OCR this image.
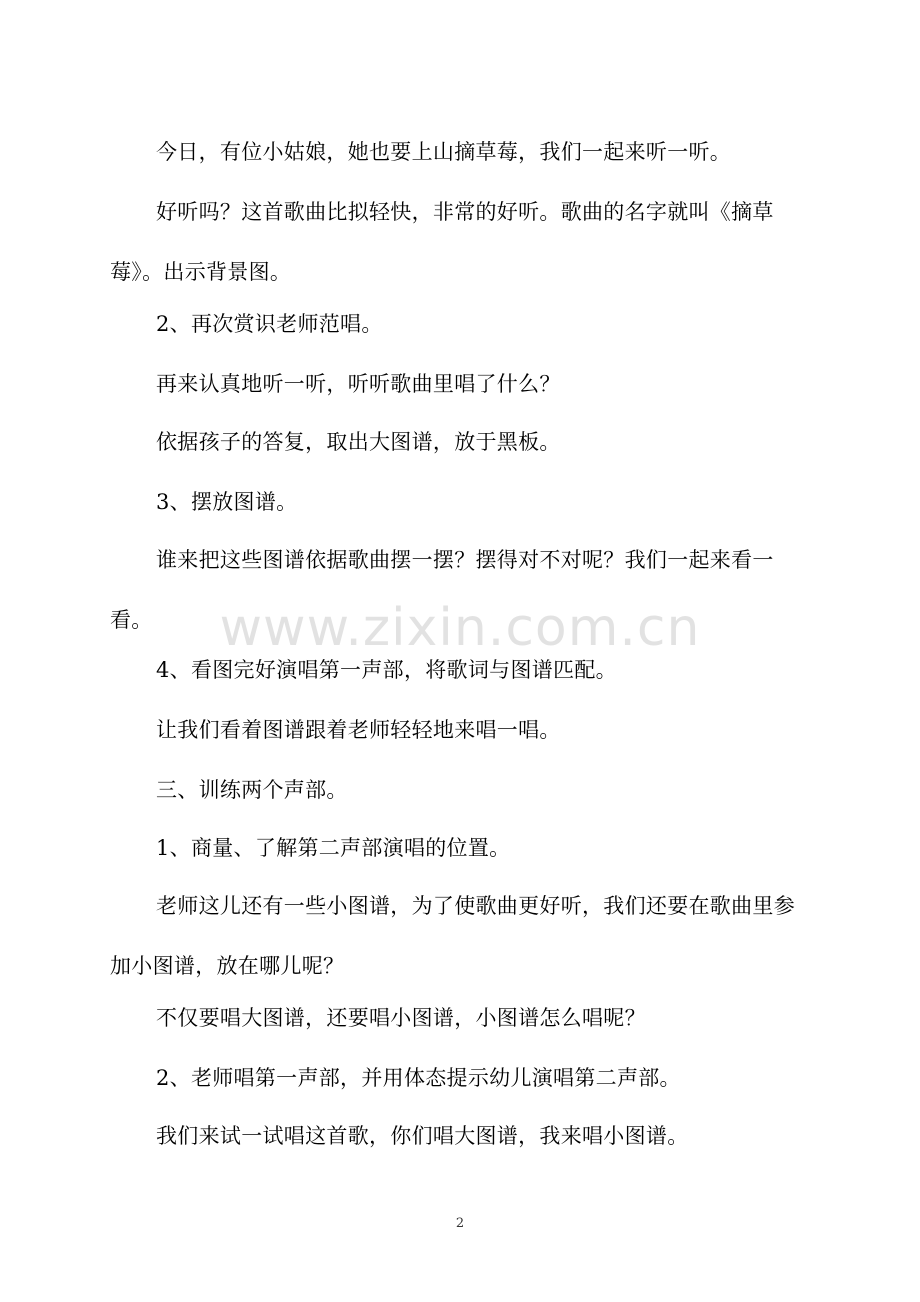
今日，有位小姑娘，她也要上山摘草莓，我们一起来听一听。

好听吗？这首歌曲比拟轻快，非常的好听。歌曲的名字就叫《摘草莓》。出示背景图。

2、再次赏识老师范唱。

再来认真地听一听，听听歌曲里唱了什么？

依据孩子的答复，取出大图谱，放于黑板。

3、摆放图谱。

谁来把这些图谱依据歌曲摆一摆？摆得对不对呢？我们一起来看一看。

4、看图完好演唱第一声部，将歌词与图谱匹配。

让我们看着图谱跟着老师轻轻地来唱一唱。

三、训练两个声部。

1、商量、了解第二声部演唱的位置。

老师这儿还有一些小图谱，为了使歌曲更好听，我们还要在歌曲里参加小图谱，放在哪儿呢？

不仅要唱大图谱，还要唱小图谱，小图谱怎么唱呢？

2、老师唱第一声部，并用体态提示幼儿演唱第二声部。

我们来试一试唱这首歌，你们唱大图谱，我来唱小图谱。

www.zixin.com.cn
2
